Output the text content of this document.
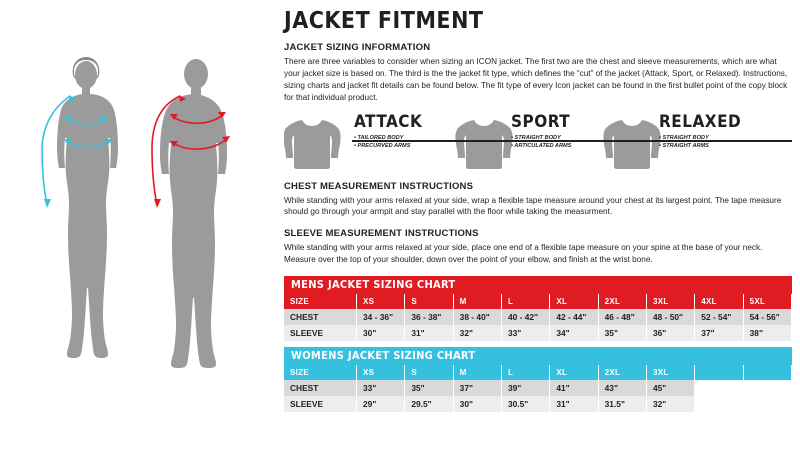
JACKET FITMENT
JACKET SIZING INFORMATION

There are three variables to consider when sizing an ICON jacket. The first two are the chest and sleeve measurements, which are what your jacket size is based on. The third is the the jacket fit type, which defines the “cut” of the jacket (Attack, Sport, or Relaxed). Instructions, sizing charts and jacket fit details can be found below. The fit type of every Icon jacket can be found in the first bullet point of the copy block for that individual product.

ATTACK
• TAILORED BODY
• PRECURVED ARMS
SPORT
• STRAIGHT BODY
• ARTICULATED ARMS
RELAXED
• STRAIGHT BODY
• STRAIGHT ARMS
CHEST MEASUREMENT INSTRUCTIONS

While standing with your arms relaxed at your side, wrap a flexible tape measure around your chest at its largest point. The tape measure should go through your armpit and stay parallel with the floor while taking the measurment.

SLEEVE MEASUREMENT INSTRUCTIONS

While standing with your arms relaxed at your side, place one end of a flexible tape measure on your spine at the base of your neck. Measure over the top of your shoulder, down over the point of your elbow, and finish at the wrist bone.

MENS JACKET SIZING CHART
SIZE	XS	S	M	L	XL	2XL	3XL	4XL	5XL
CHEST	34 - 36"	36 - 38"	38 - 40"	40 - 42"	42 - 44"	46 - 48"	48 - 50"	52 - 54"	54 - 56"
SLEEVE	30"	31"	32"	33"	34"	35"	36"	37"	38"
WOMENS JACKET SIZING CHART
SIZE	XS	S	M	L	XL	2XL	3XL		
CHEST	33"	35"	37"	39"	41"	43"	45"		
SLEEVE	29"	29.5"	30"	30.5"	31"	31.5"	32"		
